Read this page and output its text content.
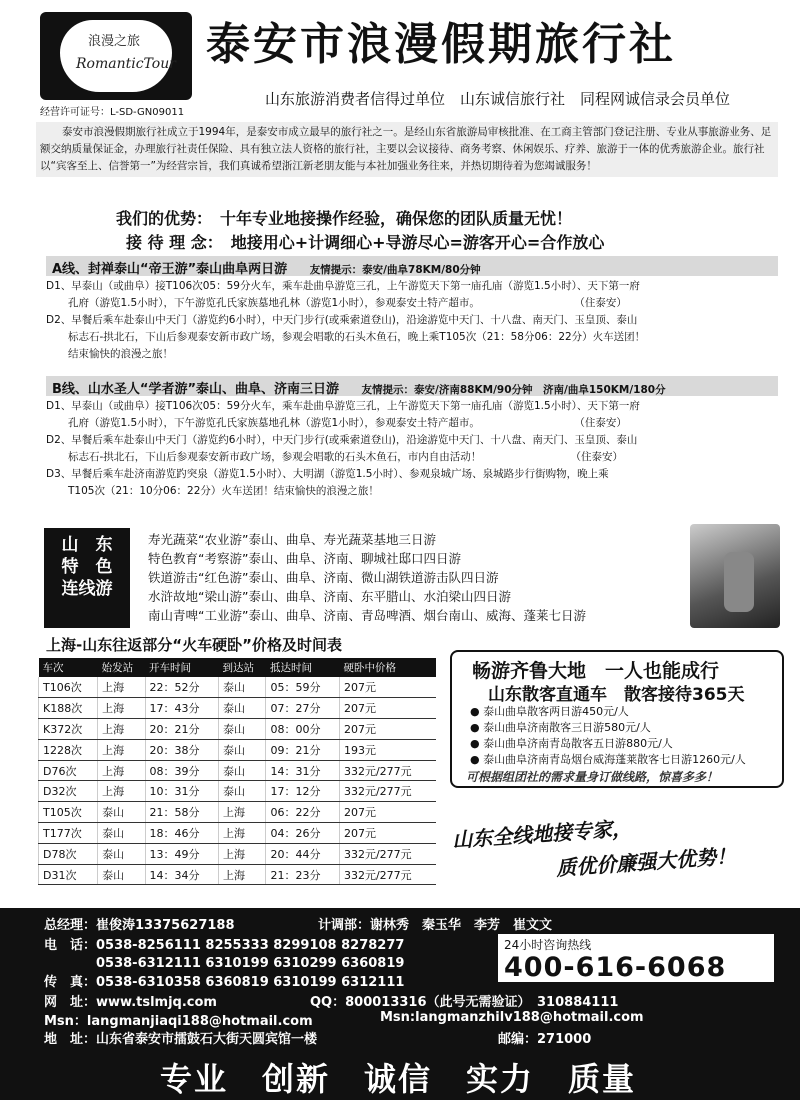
浪漫之旅
RomanticTour
经营许可证号：L-SD-GN09011
泰安市浪漫假期旅行社
山东旅游消费者信得过单位　山东诚信旅行社　同程网诚信录会员单位
泰安市浪漫假期旅行社成立于1994年，是泰安市成立最早的旅行社之一。是经山东省旅游局审核批准、在工商主管部门登记注册、专业从事旅游业务、足额交纳质量保证金，办理旅行社责任保险、具有独立法人资格的旅行社，主要以会议接待、商务考察、休闲娱乐、疗养、旅游于一体的优秀旅游企业。旅行社以“宾客至上、信誉第一”为经营宗旨，我们真诚希望浙江新老朋友能与本社加强业务往来，并热切期待着为您竭诚服务！
我们的优势：　十年专业地接操作经验，确保您的团队质量无忧！
接 待 理 念：　地接用心+计调细心+导游尽心=游客开心=合作放心
A线、封禅泰山“帝王游”泰山曲阜两日游 友情提示：泰安/曲阜78KM/80分钟
D1、早泰山（或曲阜）接T106次05：59分火车，乘车赴曲阜游览三孔，上午游览天下第一庙孔庙（游览1.5小时）、天下第一府
孔府（游览1.5小时），下午游览孔氏家族墓地孔林（游览1小时），参观泰安土特产超市。　　　　　　　　　　（住泰安）
D2、早餐后乘车赴泰山中天门（游览约6小时），中天门步行(或乘索道登山)，沿途游览中天门、十八盘、南天门、玉皇顶、泰山
标志石-拱北石，下山后参观泰安新市政广场，参观会唱歌的石头木鱼石，晚上乘T105次（21：58分06：22分）火车送团！
结束愉快的浪漫之旅！
B线、山水圣人“学者游”泰山、曲阜、济南三日游 友情提示：泰安/济南88KM/90分钟　济南/曲阜150KM/180分
D1、早泰山（或曲阜）接T106次05：59分火车，乘车赴曲阜游览三孔，上午游览天下第一庙孔庙（游览1.5小时）、天下第一府
孔府（游览1.5小时），下午游览孔氏家族墓地孔林（游览1小时），参观泰安土特产超市。　　　　　　　　　　（住泰安）
D2、早餐后乘车赴泰山中天门（游览约6小时），中天门步行(或乘索道登山)，沿途游览中天门、十八盘、南天门、玉皇顶、泰山
标志石-拱北石，下山后参观泰安新市政广场，参观会唱歌的石头木鱼石，市内自由活动！　　　　　　　　　（住泰安）
D3、早餐后乘车赴济南游览趵突泉（游览1.5小时）、大明湖（游览1.5小时）、参观泉城广场、泉城路步行街购物，晚上乘
T105次（21：10分06：22分）火车送团！结束愉快的浪漫之旅！
山　东
特　色
连线游
寿光蔬菜“农业游”泰山、曲阜、寿光蔬菜基地三日游
特色教育“考察游”泰山、曲阜、济南、聊城社邸口四日游
铁道游击“红色游”泰山、曲阜、济南、微山湖铁道游击队四日游
水浒故地“梁山游”泰山、曲阜、济南、东平腊山、水泊梁山四日游
南山青啤“工业游”泰山、曲阜、济南、青岛啤酒、烟台南山、威海、蓬莱七日游
上海-山东往返部分“火车硬卧”价格及时间表
车次	始发站	开车时间	到达站	抵达时间	硬卧中价格
T106次	上海	22：52分	泰山	05：59分	207元
K188次	上海	17：43分	泰山	07：27分	207元
K372次	上海	20：21分	泰山	08：00分	207元
1228次	上海	20：38分	泰山	09：21分	193元
D76次	上海	08：39分	泰山	14：31分	332元/277元
D32次	上海	10：31分	泰山	17：12分	332元/277元
T105次	泰山	21：58分	上海	06：22分	207元
T177次	泰山	18：46分	上海	04：26分	207元
D78次	泰山	13：49分	上海	20：44分	332元/277元
D31次	泰山	14：34分	上海	21：23分	332元/277元
畅游齐鲁大地　一人也能成行
山东散客直通车　散客接待365天
● 泰山曲阜散客两日游450元/人
● 泰山曲阜济南散客三日游580元/人
● 泰山曲阜济南青岛散客五日游880元/人
● 泰山曲阜济南青岛烟台威海蓬莱散客七日游1260元/人
可根据组团社的需求量身订做线路，惊喜多多！
山东全线地接专家，
质优价廉强大优势！
总经理：崔俊涛13375627188	计调部：谢林秀　秦玉华　李芳　崔文文
电　话：0538-8256111 8255333 8299108 8278277
　　　　0538-6312111 6310199 6310299 6360819
传　真：0538-6310358 6360819 6310199 6312111
网　址：www.tslmjq.com	QQ：800013316（此号无需验证）　310884111
Msn：langmanjiaqi188@hotmail.com	Msn:langmanzhilv188@hotmail.com
地　址：山东省泰安市擂鼓石大街天圆宾馆一楼	邮编：271000
24小时咨询热线
400-616-6068
专业　创新　诚信　实力　质量
